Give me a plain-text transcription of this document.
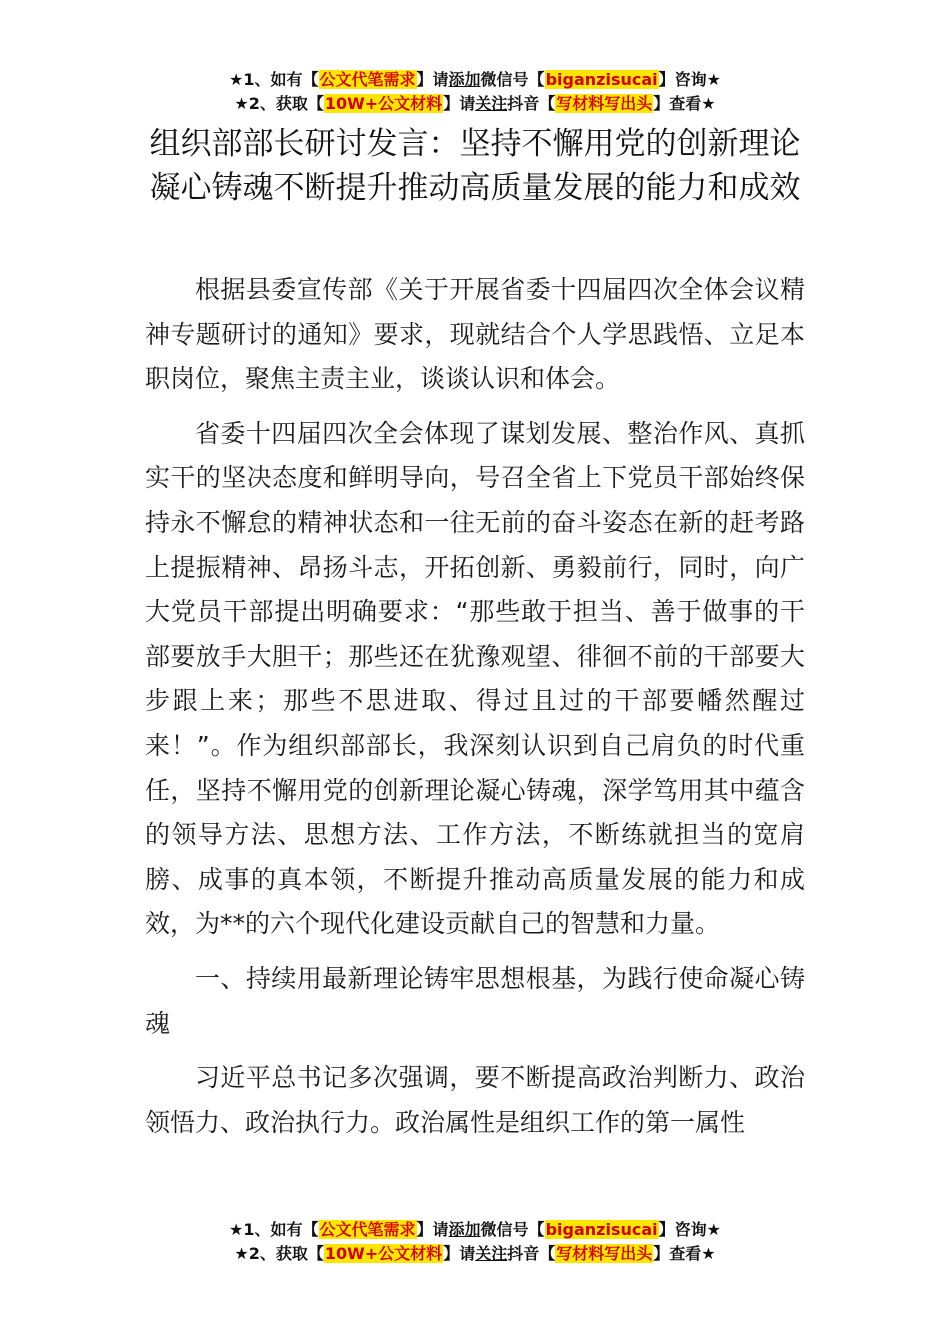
★1、如有【公文代笔需求】请添加微信号【biganzisucai】咨询★
★2、获取【10W+公文材料】请关注抖音【写材料写出头】查看★
组织部部长研讨发言：坚持不懈用党的创新理论凝心铸魂不断提升推动高质量发展的能力和成效

根据县委宣传部《关于开展省委十四届四次全体会议精神专题研讨的通知》要求，现就结合个人学思践悟、立足本职岗位，聚焦主责主业，谈谈认识和体会。

省委十四届四次全会体现了谋划发展、整治作风、真抓实干的坚决态度和鲜明导向，号召全省上下党员干部始终保持永不懈怠的精神状态和一往无前的奋斗姿态在新的赶考路上提振精神、昂扬斗志，开拓创新、勇毅前行，同时，向广大党员干部提出明确要求：“那些敢于担当、善于做事的干部要放手大胆干；那些还在犹豫观望、徘徊不前的干部要大步跟上来；那些不思进取、得过且过的干部要幡然醒过来！”。作为组织部部长，我深刻认识到自己肩负的时代重任，坚持不懈用党的创新理论凝心铸魂，深学笃用其中蕴含的领导方法、思想方法、工作方法，不断练就担当的宽肩膀、成事的真本领，不断提升推动高质量发展的能力和成效，为**的六个现代化建设贡献自己的智慧和力量。

一、持续用最新理论铸牢思想根基，为践行使命凝心铸魂

习近平总书记多次强调，要不断提高政治判断力、政治领悟力、政治执行力。政治属性是组织工作的第一属性

★1、如有【公文代笔需求】请添加微信号【biganzisucai】咨询★
★2、获取【10W+公文材料】请关注抖音【写材料写出头】查看★
